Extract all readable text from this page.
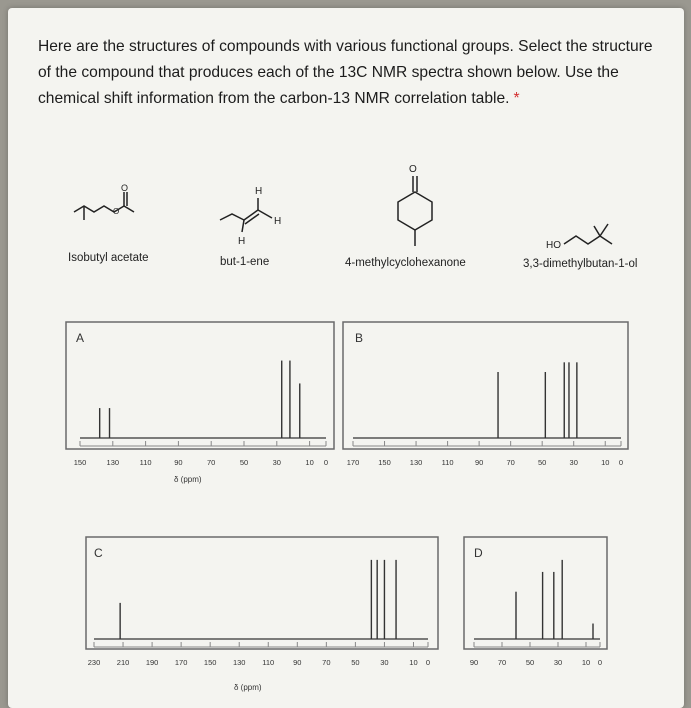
Here are the structures of compounds with various functional groups. Select the structure of the compound that produces each of the 13C NMR spectra shown below. Use the chemical shift information from the carbon-13 NMR correlation table. *
O
O	H
H
H
O
HO
Isobutyl acetate	but-1-ene	4-methylcyclohexanone	3,3-dimethylbutan-1-ol
A
δ (ppm)
150	130	110	90	70	50	30	10 0
B
170	150	130	110	90	70	50	30	10 0
C
δ (ppm)
230 210 190 170 150 130 110	90	70	50	30	10 0
D
90	70	50	30	10 0
